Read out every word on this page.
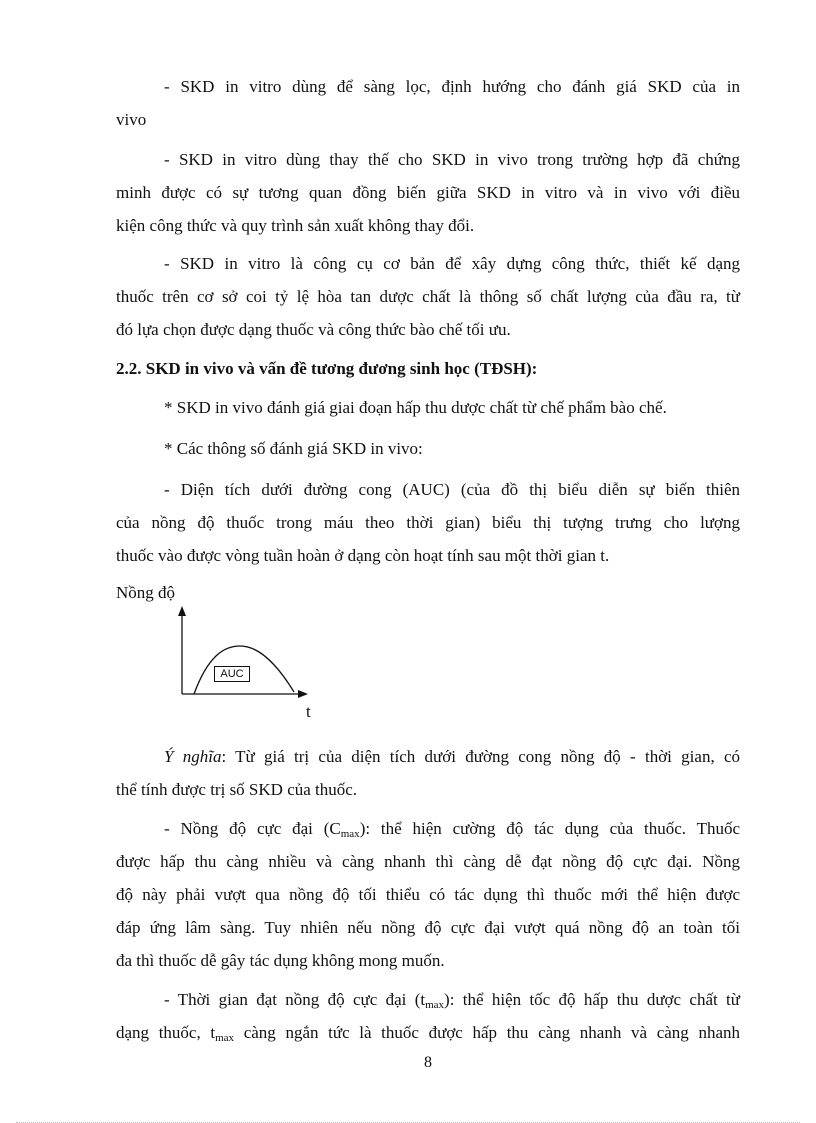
- SKD in vitro dùng để sàng lọc, định hướng cho đánh giá SKD của in

vivo

- SKD in vitro dùng thay thế cho SKD in vivo trong trường hợp đã chứng

minh được có sự tương quan đồng biến giữa SKD in vitro và in vivo với điều

kiện công thức và quy trình sản xuất không thay đổi.

- SKD in vitro là công cụ cơ bản để xây dựng công thức, thiết kế dạng

thuốc trên cơ sở coi tỷ lệ hòa tan dược chất là thông số chất lượng của đầu ra, từ

đó lựa chọn được dạng thuốc và công thức bào chế tối ưu.

2.2. SKD in vivo và vấn đề tương đương sinh học (TĐSH):

* SKD in vivo đánh giá giai đoạn hấp thu dược chất từ chế phẩm bào chế.

* Các thông số đánh giá SKD in vivo:

- Diện tích dưới đường cong (AUC) (của đồ thị biểu diễn sự biến thiên

của nồng độ thuốc trong máu theo thời gian) biểu thị tượng trưng cho lượng

thuốc vào được vòng tuần hoàn ở dạng còn hoạt tính sau một thời gian t.

Nồng độ
AUC
t

Ý nghĩa: Từ giá trị của diện tích dưới đường cong nồng độ - thời gian, có

thể tính được trị số SKD của thuốc.

- Nồng độ cực đại $(C_{max})$: thể hiện cường độ tác dụng của thuốc. Thuốc

được hấp thu càng nhiều và càng nhanh thì càng dễ đạt nồng độ cực đại. Nồng

độ này phải vượt qua nồng độ tối thiểu có tác dụng thì thuốc mới thể hiện được

đáp ứng lâm sàng. Tuy nhiên nếu nồng độ cực đại vượt quá nồng độ an toàn tối

đa thì thuốc dễ gây tác dụng không mong muốn.

- Thời gian đạt nồng độ cực đại $(t_{max})$: thể hiện tốc độ hấp thu dược chất từ

dạng thuốc, $t_{max}$ càng ngắn tức là thuốc được hấp thu càng nhanh và càng nhanh

8
